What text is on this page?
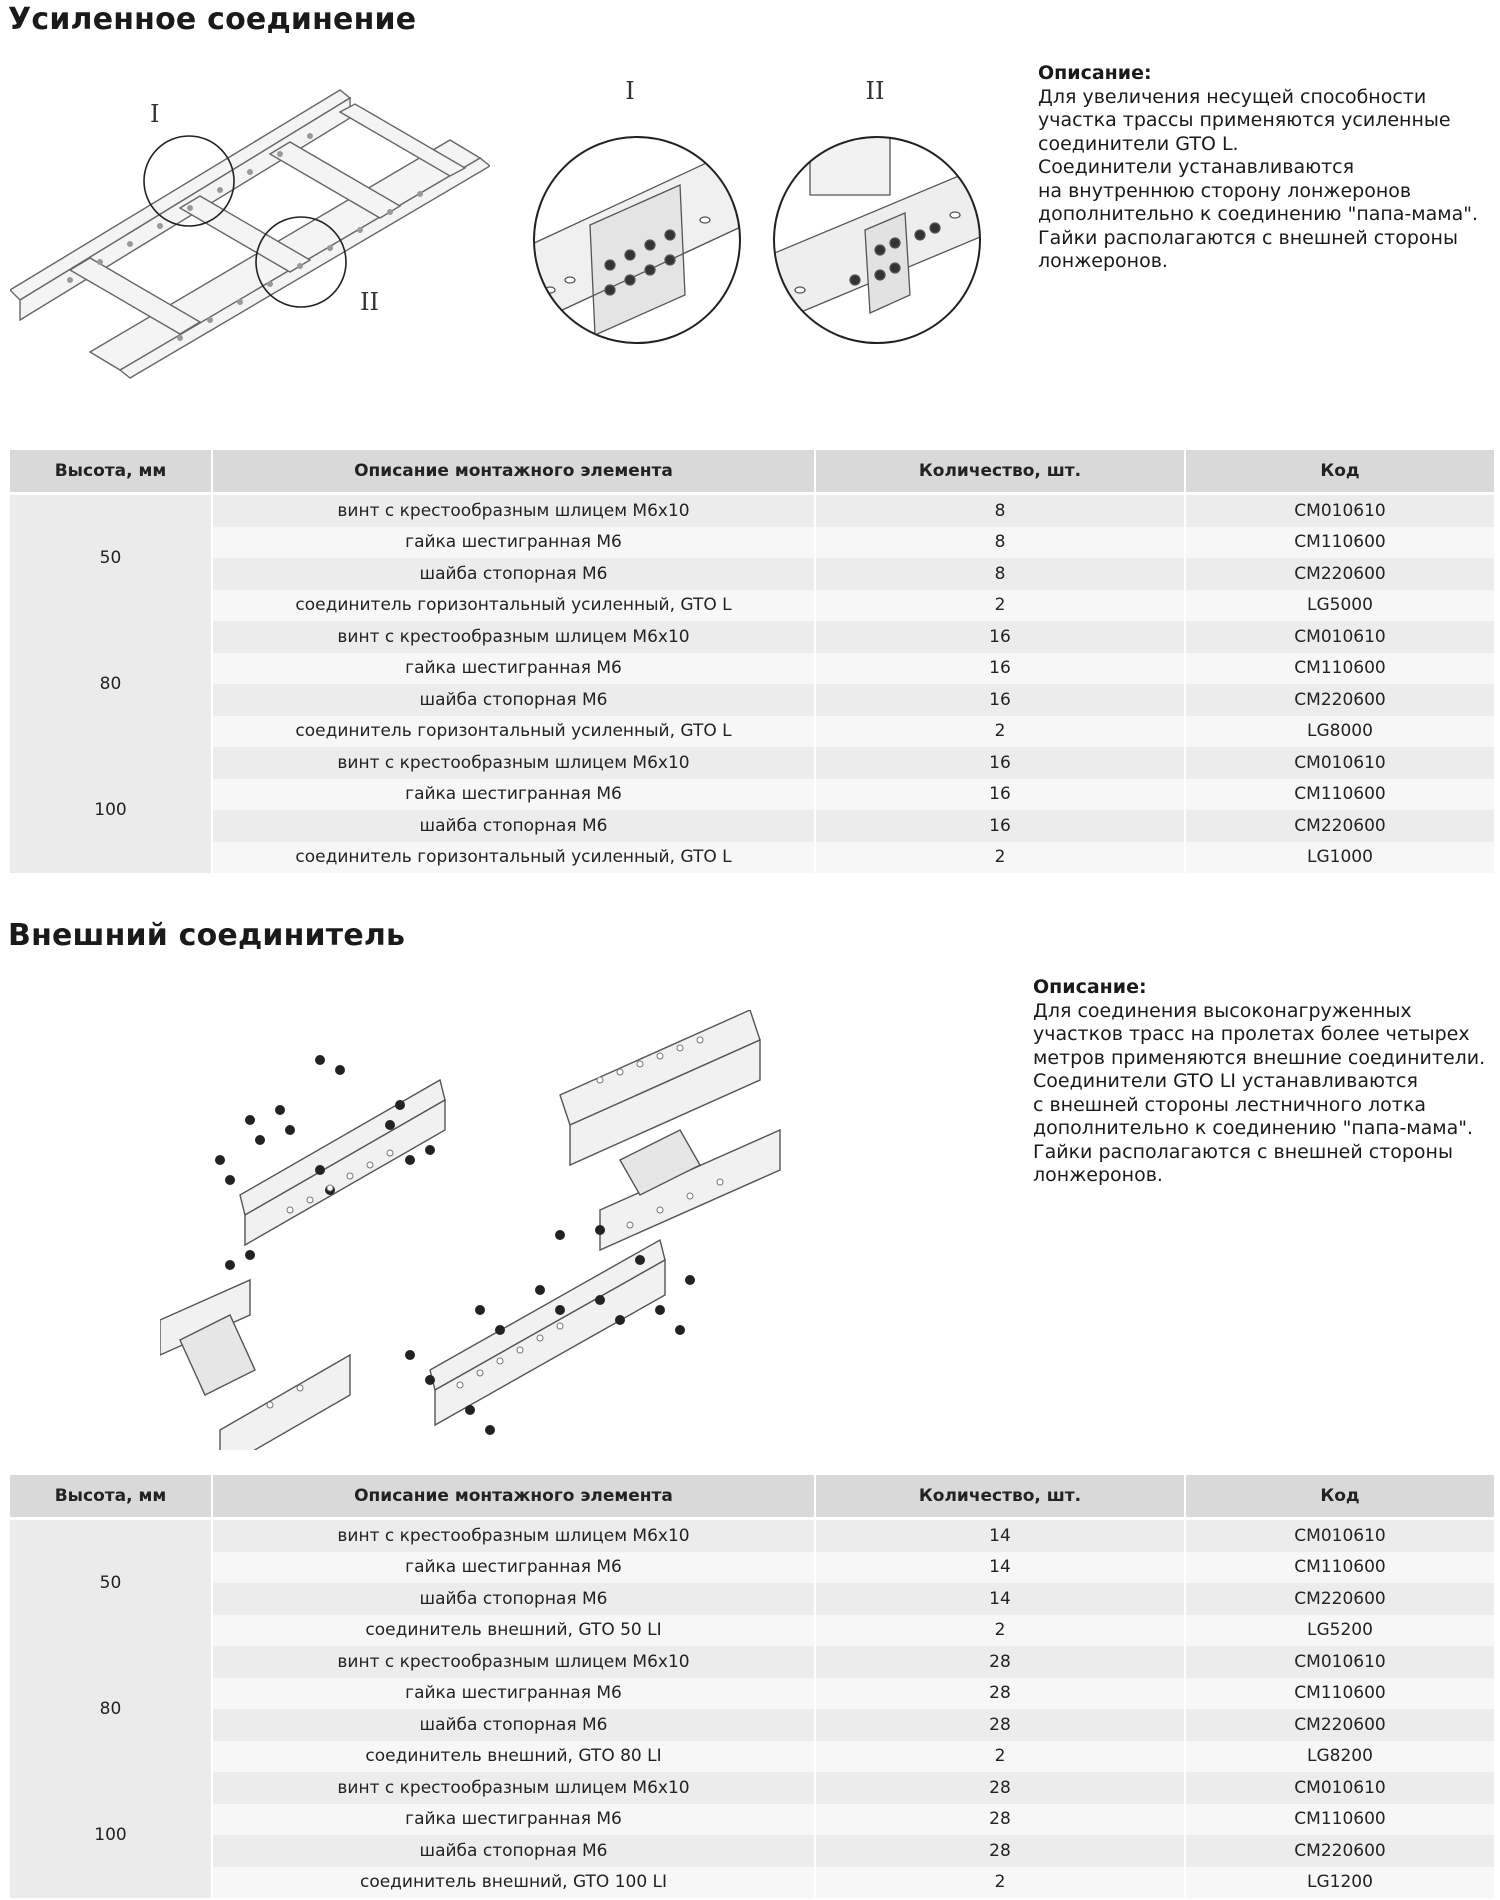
Усиленное соединение
I
II
I	II
Описание:
Для увеличения несущей способности
участка трассы применяются усиленные
соединители GTO L.
Соединители устанавливаются
на внутреннюю сторону лонжеронов
дополнительно к соединению "папа-мама".
Гайки располагаются с внешней стороны
лонжеронов.
Высота, мм	Описание монтажного элемента	Количество, шт.	Код
50	винт с крестообразным шлицем М6х10	8	CM010610
	гайка шестигранная М6	8	CM110600
	шайба стопорная М6	8	CM220600
	соединитель горизонтальный усиленный, GTO L	2	LG5000
80	винт с крестообразным шлицем М6х10	16	CM010610
	гайка шестигранная М6	16	CM110600
	шайба стопорная М6	16	CM220600
	соединитель горизонтальный усиленный, GTO L	2	LG8000
100	винт с крестообразным шлицем М6х10	16	CM010610
	гайка шестигранная М6	16	CM110600
	шайба стопорная М6	16	CM220600
	соединитель горизонтальный усиленный, GTO L	2	LG1000
Внешний соединитель
Описание:
Для соединения высоконагруженных
участков трасс на пролетах более четырех
метров применяются внешние соединители.
Соединители GTO LI устанавливаются
с внешней стороны лестничного лотка
дополнительно к соединению "папа-мама".
Гайки располагаются с внешней стороны
лонжеронов.
Высота, мм	Описание монтажного элемента	Количество, шт.	Код
50	винт с крестообразным шлицем М6х10	14	CM010610
	гайка шестигранная М6	14	CM110600
	шайба стопорная М6	14	CM220600
	соединитель внешний, GTO 50 LI	2	LG5200
80	винт с крестообразным шлицем М6х10	28	CM010610
	гайка шестигранная М6	28	CM110600
	шайба стопорная М6	28	CM220600
	соединитель внешний, GTO 80 LI	2	LG8200
100	винт с крестообразным шлицем М6х10	28	CM010610
	гайка шестигранная М6	28	CM110600
	шайба стопорная М6	28	CM220600
	соединитель внешний, GTO 100 LI	2	LG1200
